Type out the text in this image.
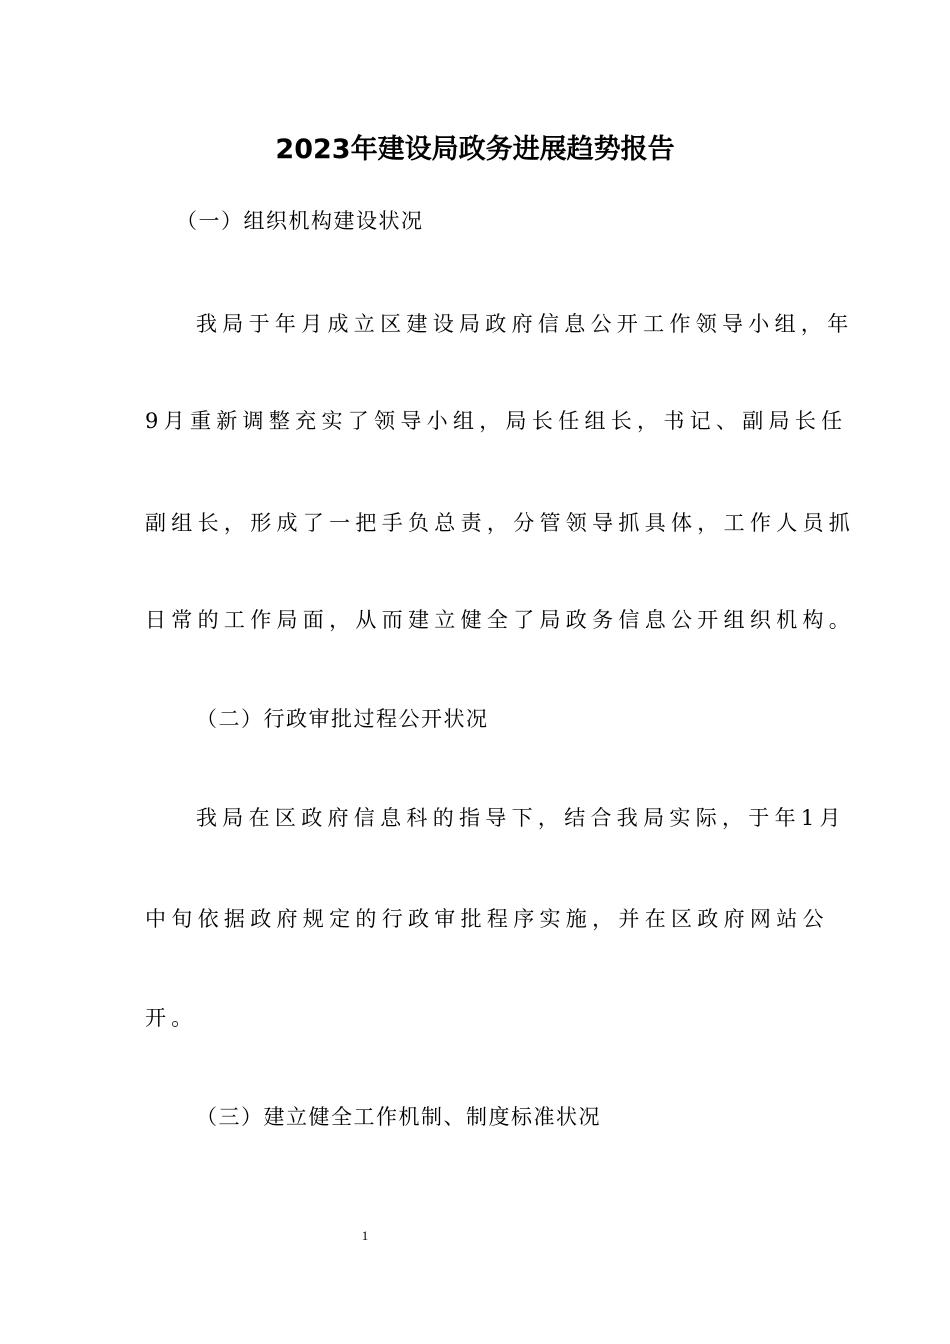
2023年建设局政务进展趋势报告
（一）组织机构建设状况
我局于年月成立区建设局政府信息公开工作领导小组，年
9月重新调整充实了领导小组，局长任组长，书记、副局长任
副组长，形成了一把手负总责，分管领导抓具体，工作人员抓
日常的工作局面，从而建立健全了局政务信息公开组织机构。
（二）行政审批过程公开状况
我局在区政府信息科的指导下，结合我局实际，于年1月
中旬依据政府规定的行政审批程序实施，并在区政府网站公
开。
（三）建立健全工作机制、制度标准状况
1
